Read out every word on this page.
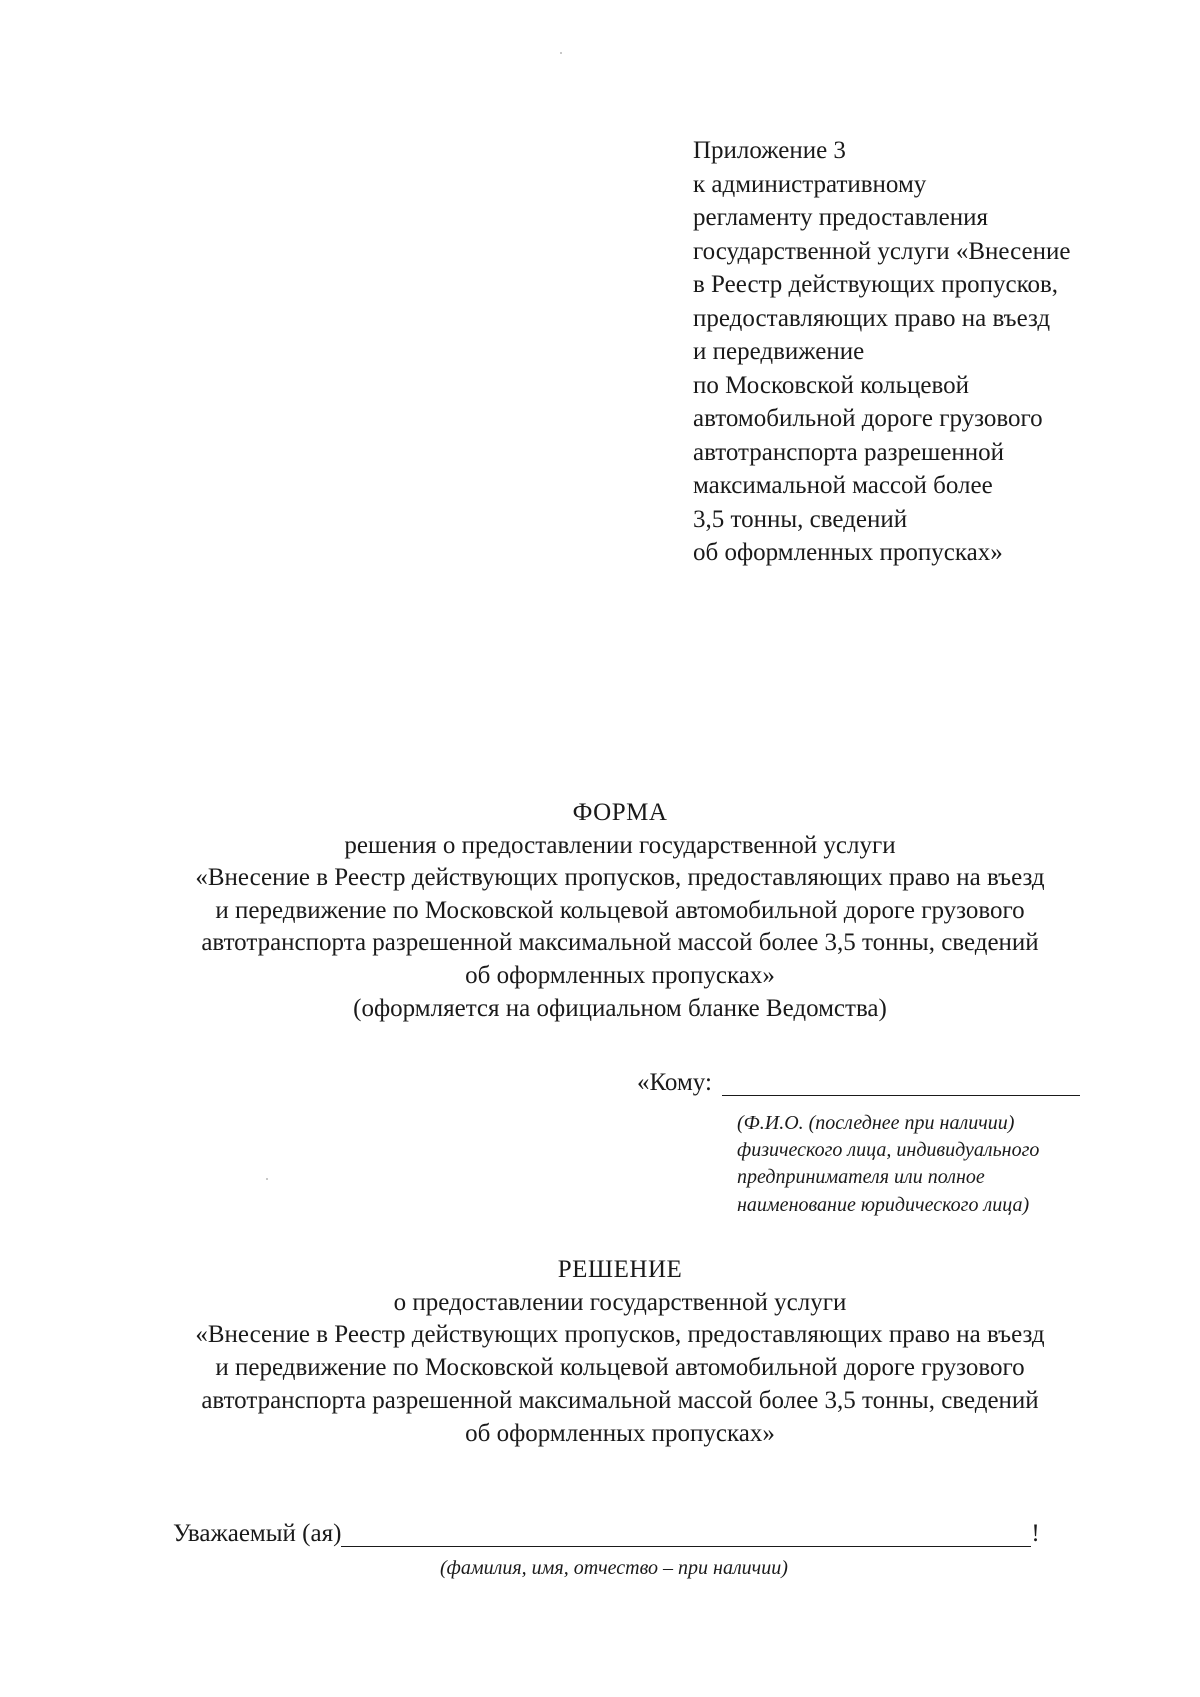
Приложение 3
к административному
регламенту предоставления
государственной услуги «Внесение
в Реестр действующих пропусков,
предоставляющих право на въезд
и передвижение
по Московской кольцевой
автомобильной дороге грузового
автотранспорта разрешенной
максимальной массой более
3,5 тонны, сведений
об оформленных пропусках»
ФОРМА
решения о предоставлении государственной услуги
«Внесение в Реестр действующих пропусков, предоставляющих право на въезд
и передвижение по Московской кольцевой автомобильной дороге грузового
автотранспорта разрешенной максимальной массой более 3,5 тонны, сведений
об оформленных пропусках»
(оформляется на официальном бланке Ведомства)
«Кому:
(Ф.И.О. (последнее при наличии)
физического лица, индивидуального
предпринимателя или полное
наименование юридического лица)
РЕШЕНИЕ
о предоставлении государственной услуги
«Внесение в Реестр действующих пропусков, предоставляющих право на въезд
и передвижение по Московской кольцевой автомобильной дороге грузового
автотранспорта разрешенной максимальной массой более 3,5 тонны, сведений
об оформленных пропусках»
Уважаемый (ая)	!
(фамилия, имя, отчество – при наличии)
